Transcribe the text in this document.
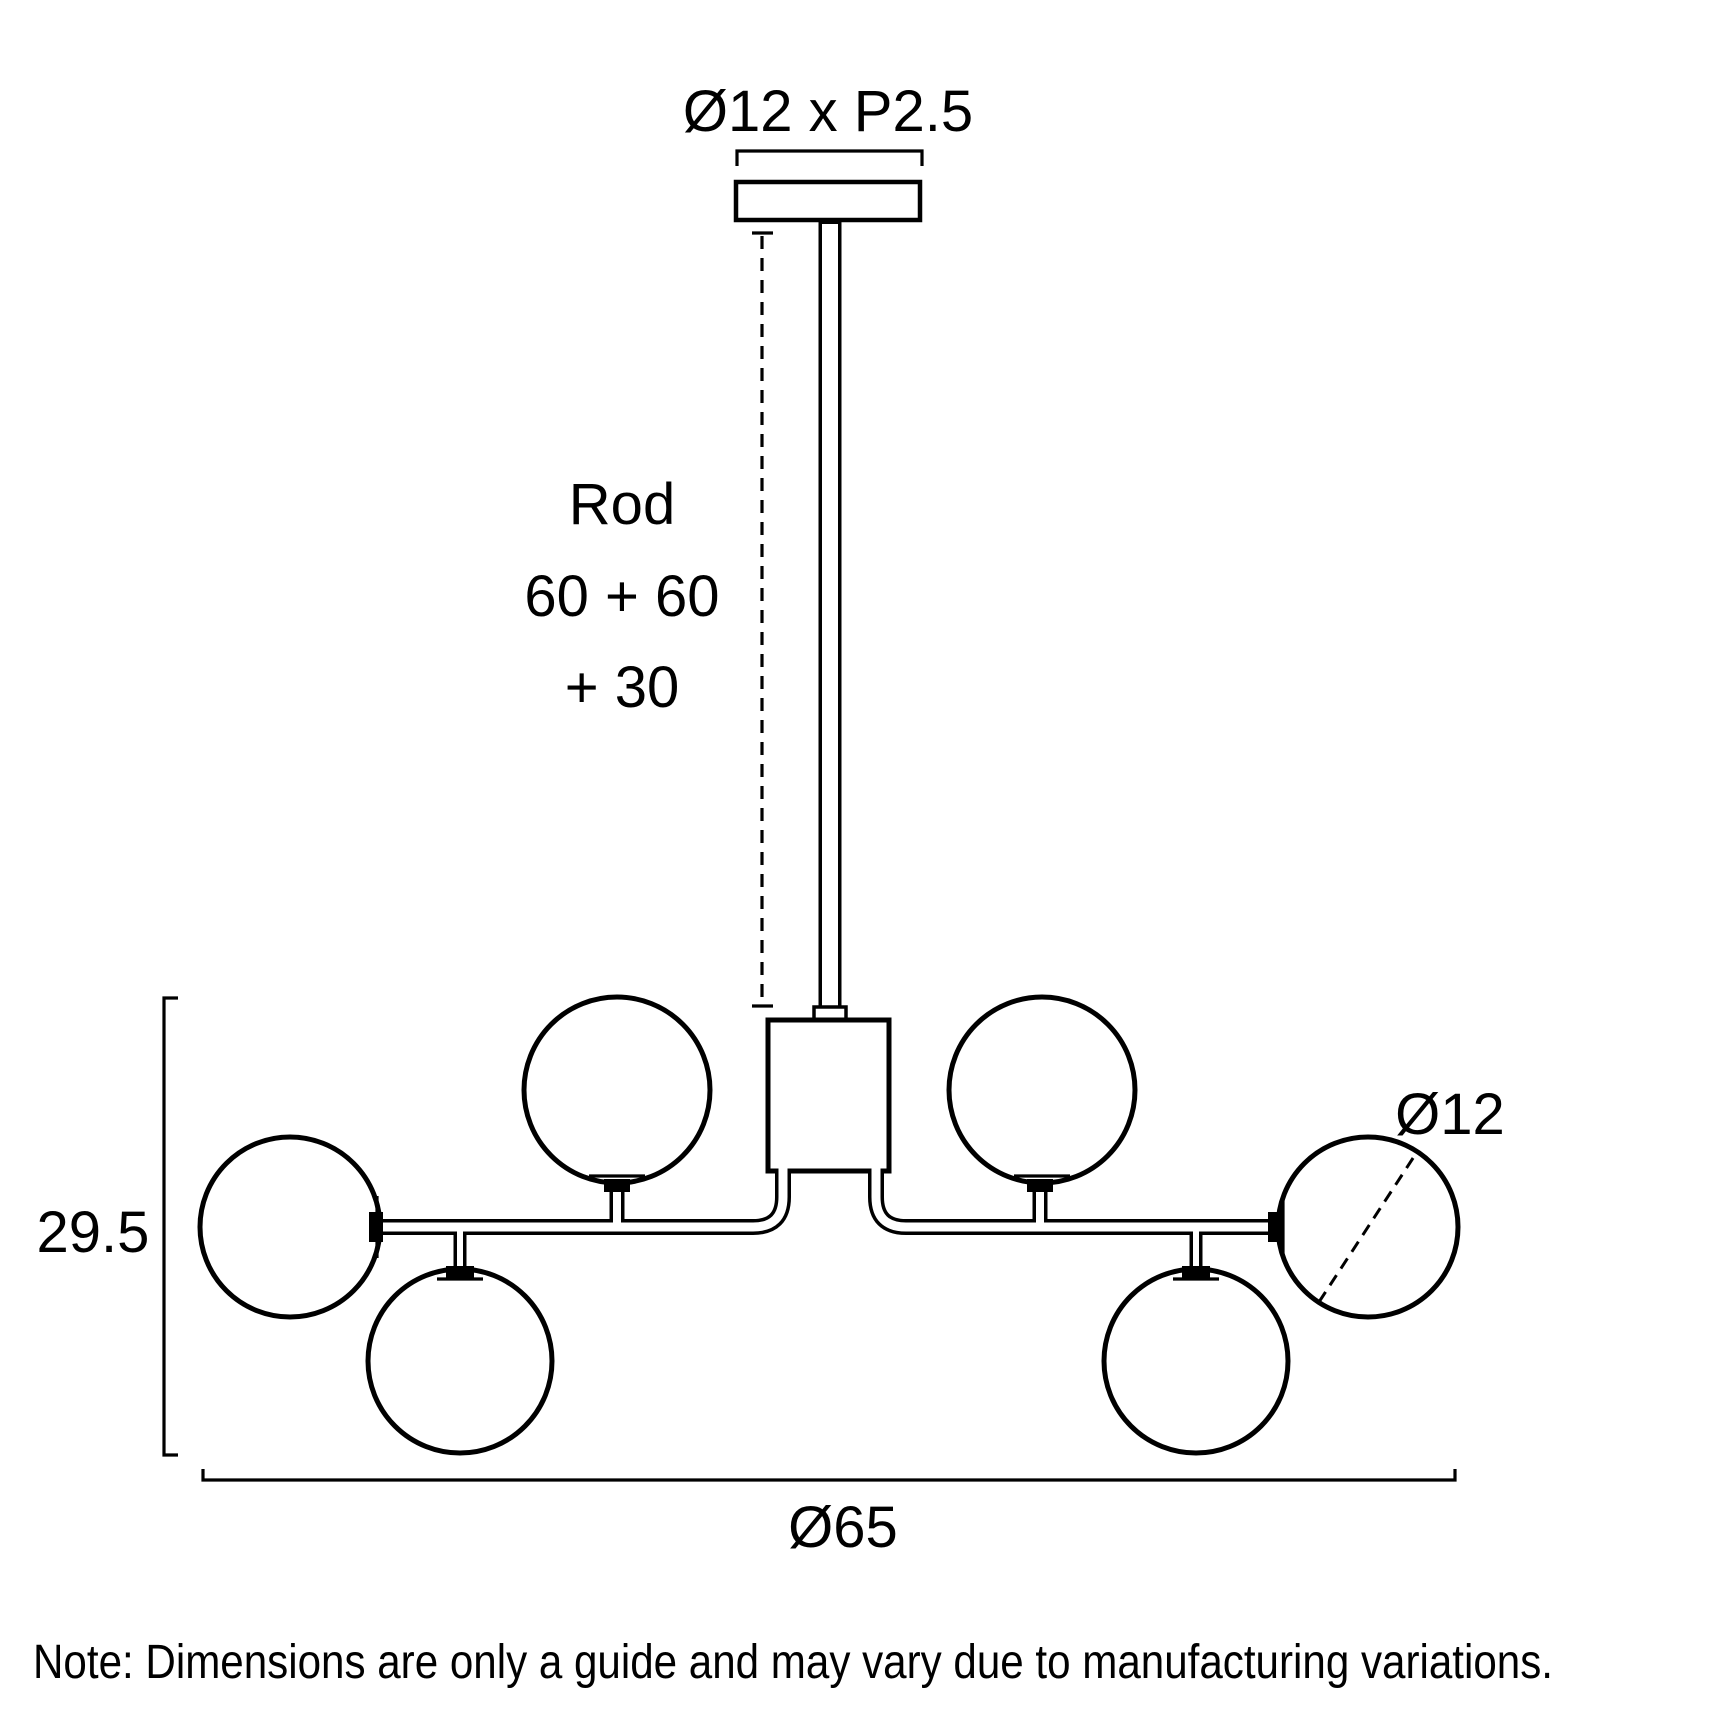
Ø12 x P2.5
Rod
60 + 60
+ 30
Ø12
29.5
Ø65
Note: Dimensions are only a guide and may vary due to manufacturing variations.
